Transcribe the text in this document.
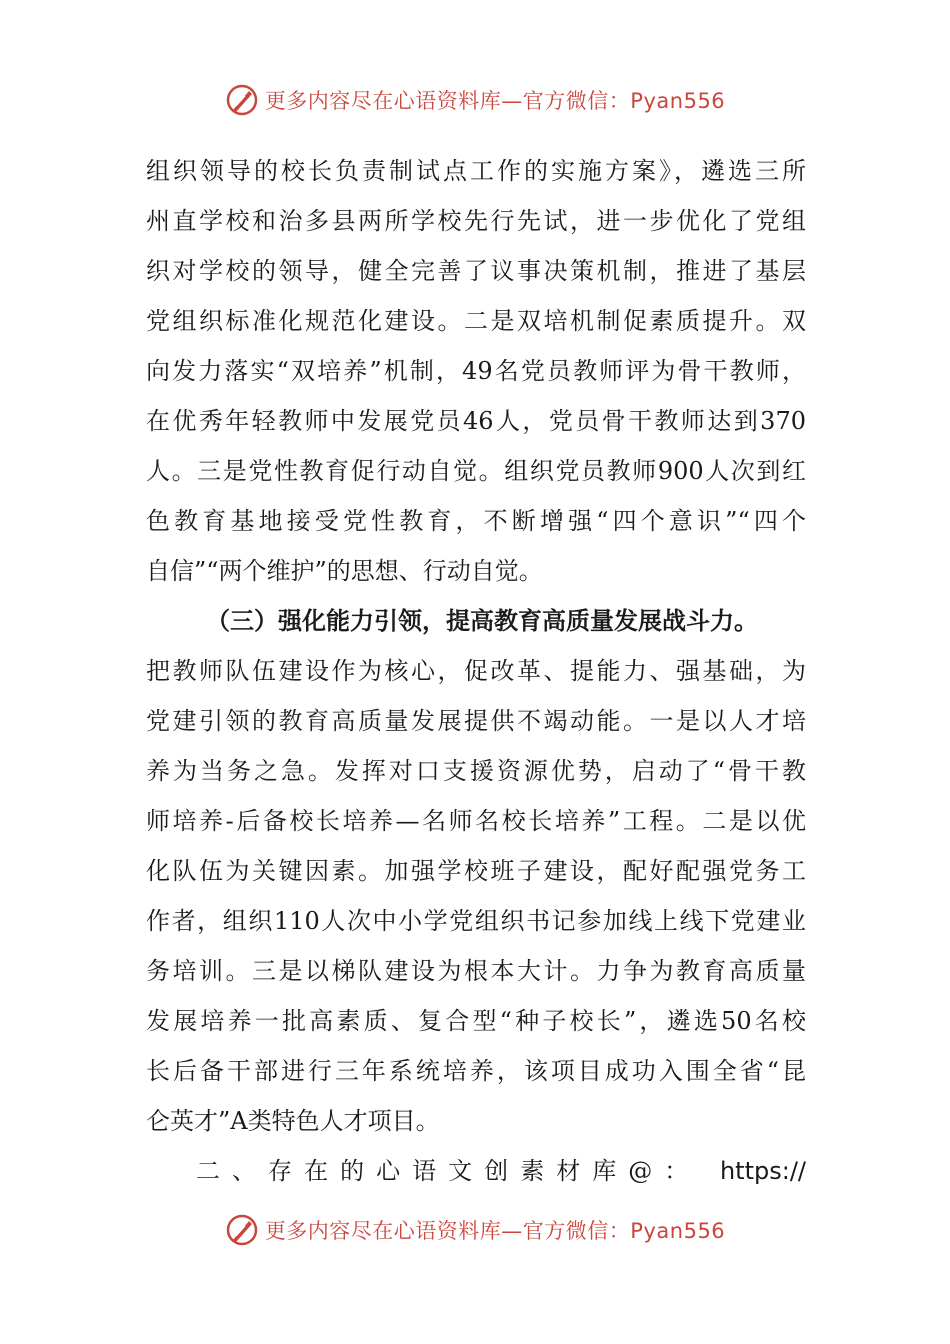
更多内容尽在心语资料库—官方微信：Pyan556
组织领导的校长负责制试点工作的实施方案》，遴选三所
州直学校和治多县两所学校先行先试，进一步优化了党组
织对学校的领导，健全完善了议事决策机制，推进了基层
党组织标准化规范化建设。二是双培机制促素质提升。双
向发力落实“双培养”机制，49名党员教师评为骨干教师，
在优秀年轻教师中发展党员46人，党员骨干教师达到370
人。三是党性教育促行动自觉。组织党员教师900人次到红
色教育基地接受党性教育，不断增强“四个意识”“四个
自信”“两个维护”的思想、行动自觉。
（三）强化能力引领，提高教育高质量发展战斗力。
把教师队伍建设作为核心，促改革、提能力、强基础，为
党建引领的教育高质量发展提供不竭动能。一是以人才培
养为当务之急。发挥对口支援资源优势，启动了“骨干教
师培养-后备校长培养—名师名校长培养”工程。二是以优
化队伍为关键因素。加强学校班子建设，配好配强党务工
作者，组织110人次中小学党组织书记参加线上线下党建业
务培训。三是以梯队建设为根本大计。力争为教育高质量
发展培养一批高素质、复合型“种子校长”，遴选50名校
长后备干部进行三年系统培养，该项目成功入围全省“昆
仑英才”A类特色人才项目。
二、存在的心语文创素材库@： https://
更多内容尽在心语资料库—官方微信：Pyan556
